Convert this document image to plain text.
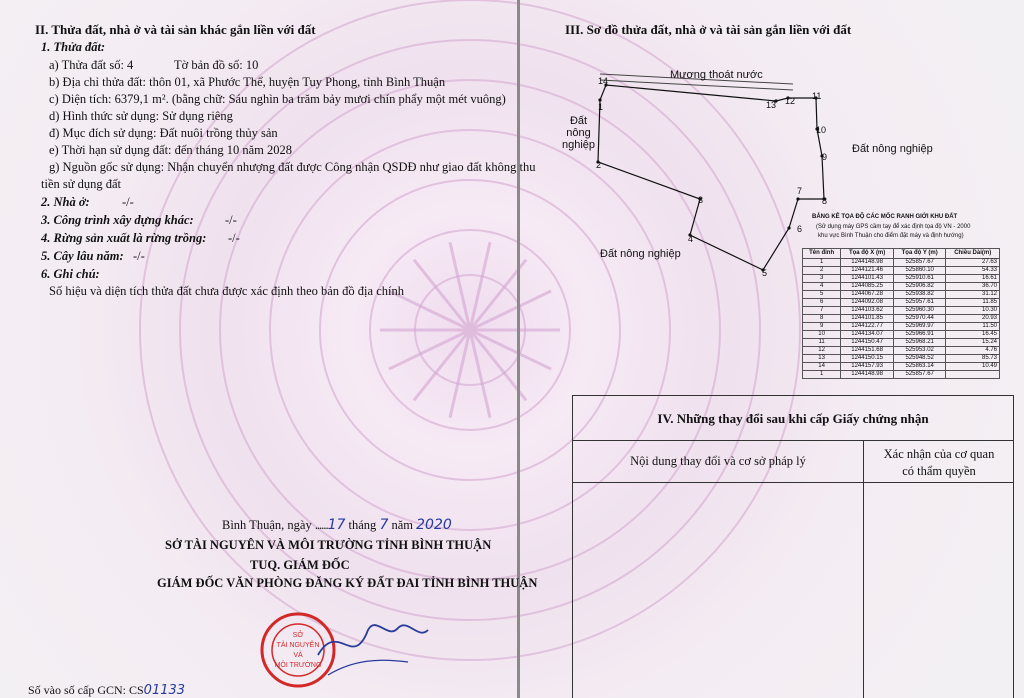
II. Thửa đất, nhà ở và tài sản khác gắn liền với đất
1. Thửa đất:
a) Thửa đất số: 4	Tờ bản đồ số: 10
b) Địa chỉ thửa đất: thôn 01, xã Phước Thể, huyện Tuy Phong, tỉnh Bình Thuận
c) Diện tích: 6379,1 m². (bằng chữ: Sáu nghìn ba trăm bảy mươi chín phẩy một mét vuông)
d) Hình thức sử dụng: Sử dụng riêng
đ) Mục đích sử dụng: Đất nuôi trồng thủy sản
e) Thời hạn sử dụng đất: đến tháng 10 năm 2028
g) Nguồn gốc sử dụng: Nhận chuyển nhượng đất được Công nhận QSDĐ như giao đất không thu
tiền sử dụng đất
2. Nhà ở:	-/-
3. Công trình xây dựng khác:	-/-
4. Rừng sản xuất là rừng trồng: -/-
5. Cây lâu năm: -/-
6. Ghi chú:
Số hiệu và diện tích thửa đất chưa được xác định theo bản đồ địa chính
Bình Thuận, ngày ......17 tháng 7 năm 2020
SỞ TÀI NGUYÊN VÀ MÔI TRƯỜNG TỈNH BÌNH THUẬN
TUQ. GIÁM ĐỐC
GIÁM ĐỐC VĂN PHÒNG ĐĂNG KÝ ĐẤT ĐAI TỈNH BÌNH THUẬN
SỞ
TÀI NGUYÊN
VÀ
MÔI TRƯỜNG
Số vào số cấp GCN: CS01133
III. Sơ đồ thửa đất, nhà ở và tài sản gắn liền với đất
Mương thoát nước
Đất
nông
nghiệp	Đất nông nghiệp
Đất nông nghiệp
1
2
3
4
5
6
7
8
9
10
11
12
13
14
BẢNG KÊ TỌA ĐỘ CÁC MỐC RANH GIỚI KHU ĐẤT
(Sử dụng máy GPS cầm tay để xác định tọa độ VN - 2000
khu vực Bình Thuận cho điểm đặt máy và định hướng)
Tên đỉnh	Tọa độ X (m)	Tọa độ Y (m)	Chiều Dài(m)
1	1244148.98	525857.67	27.63
2	1244121.46	525860.10	54.33
3	1244101.43	525910.61	16.61
4	1244085.25	525906.82	36.70
5	1244067.28	525938.82	31.12
6	1244092.08	525957.61	11.85
7	1244103.62	525960.30	10.30
8	1244101.85	525970.44	20.93
9	1244122.77	525969.97	11.50
10	1244134.07	525966.91	16.45
11	1244150.47	525968.21	15.24
12	1244151.68	525953.02	4.76
13	1244150.15	525948.52	85.73
14	1244157.93	525863.14	10.49
1	1244148.98	525857.67	
IV. Những thay đổi sau khi cấp Giấy chứng nhận
Nội dung thay đổi và cơ sở pháp lý	Xác nhận của cơ quan
có thẩm quyền
